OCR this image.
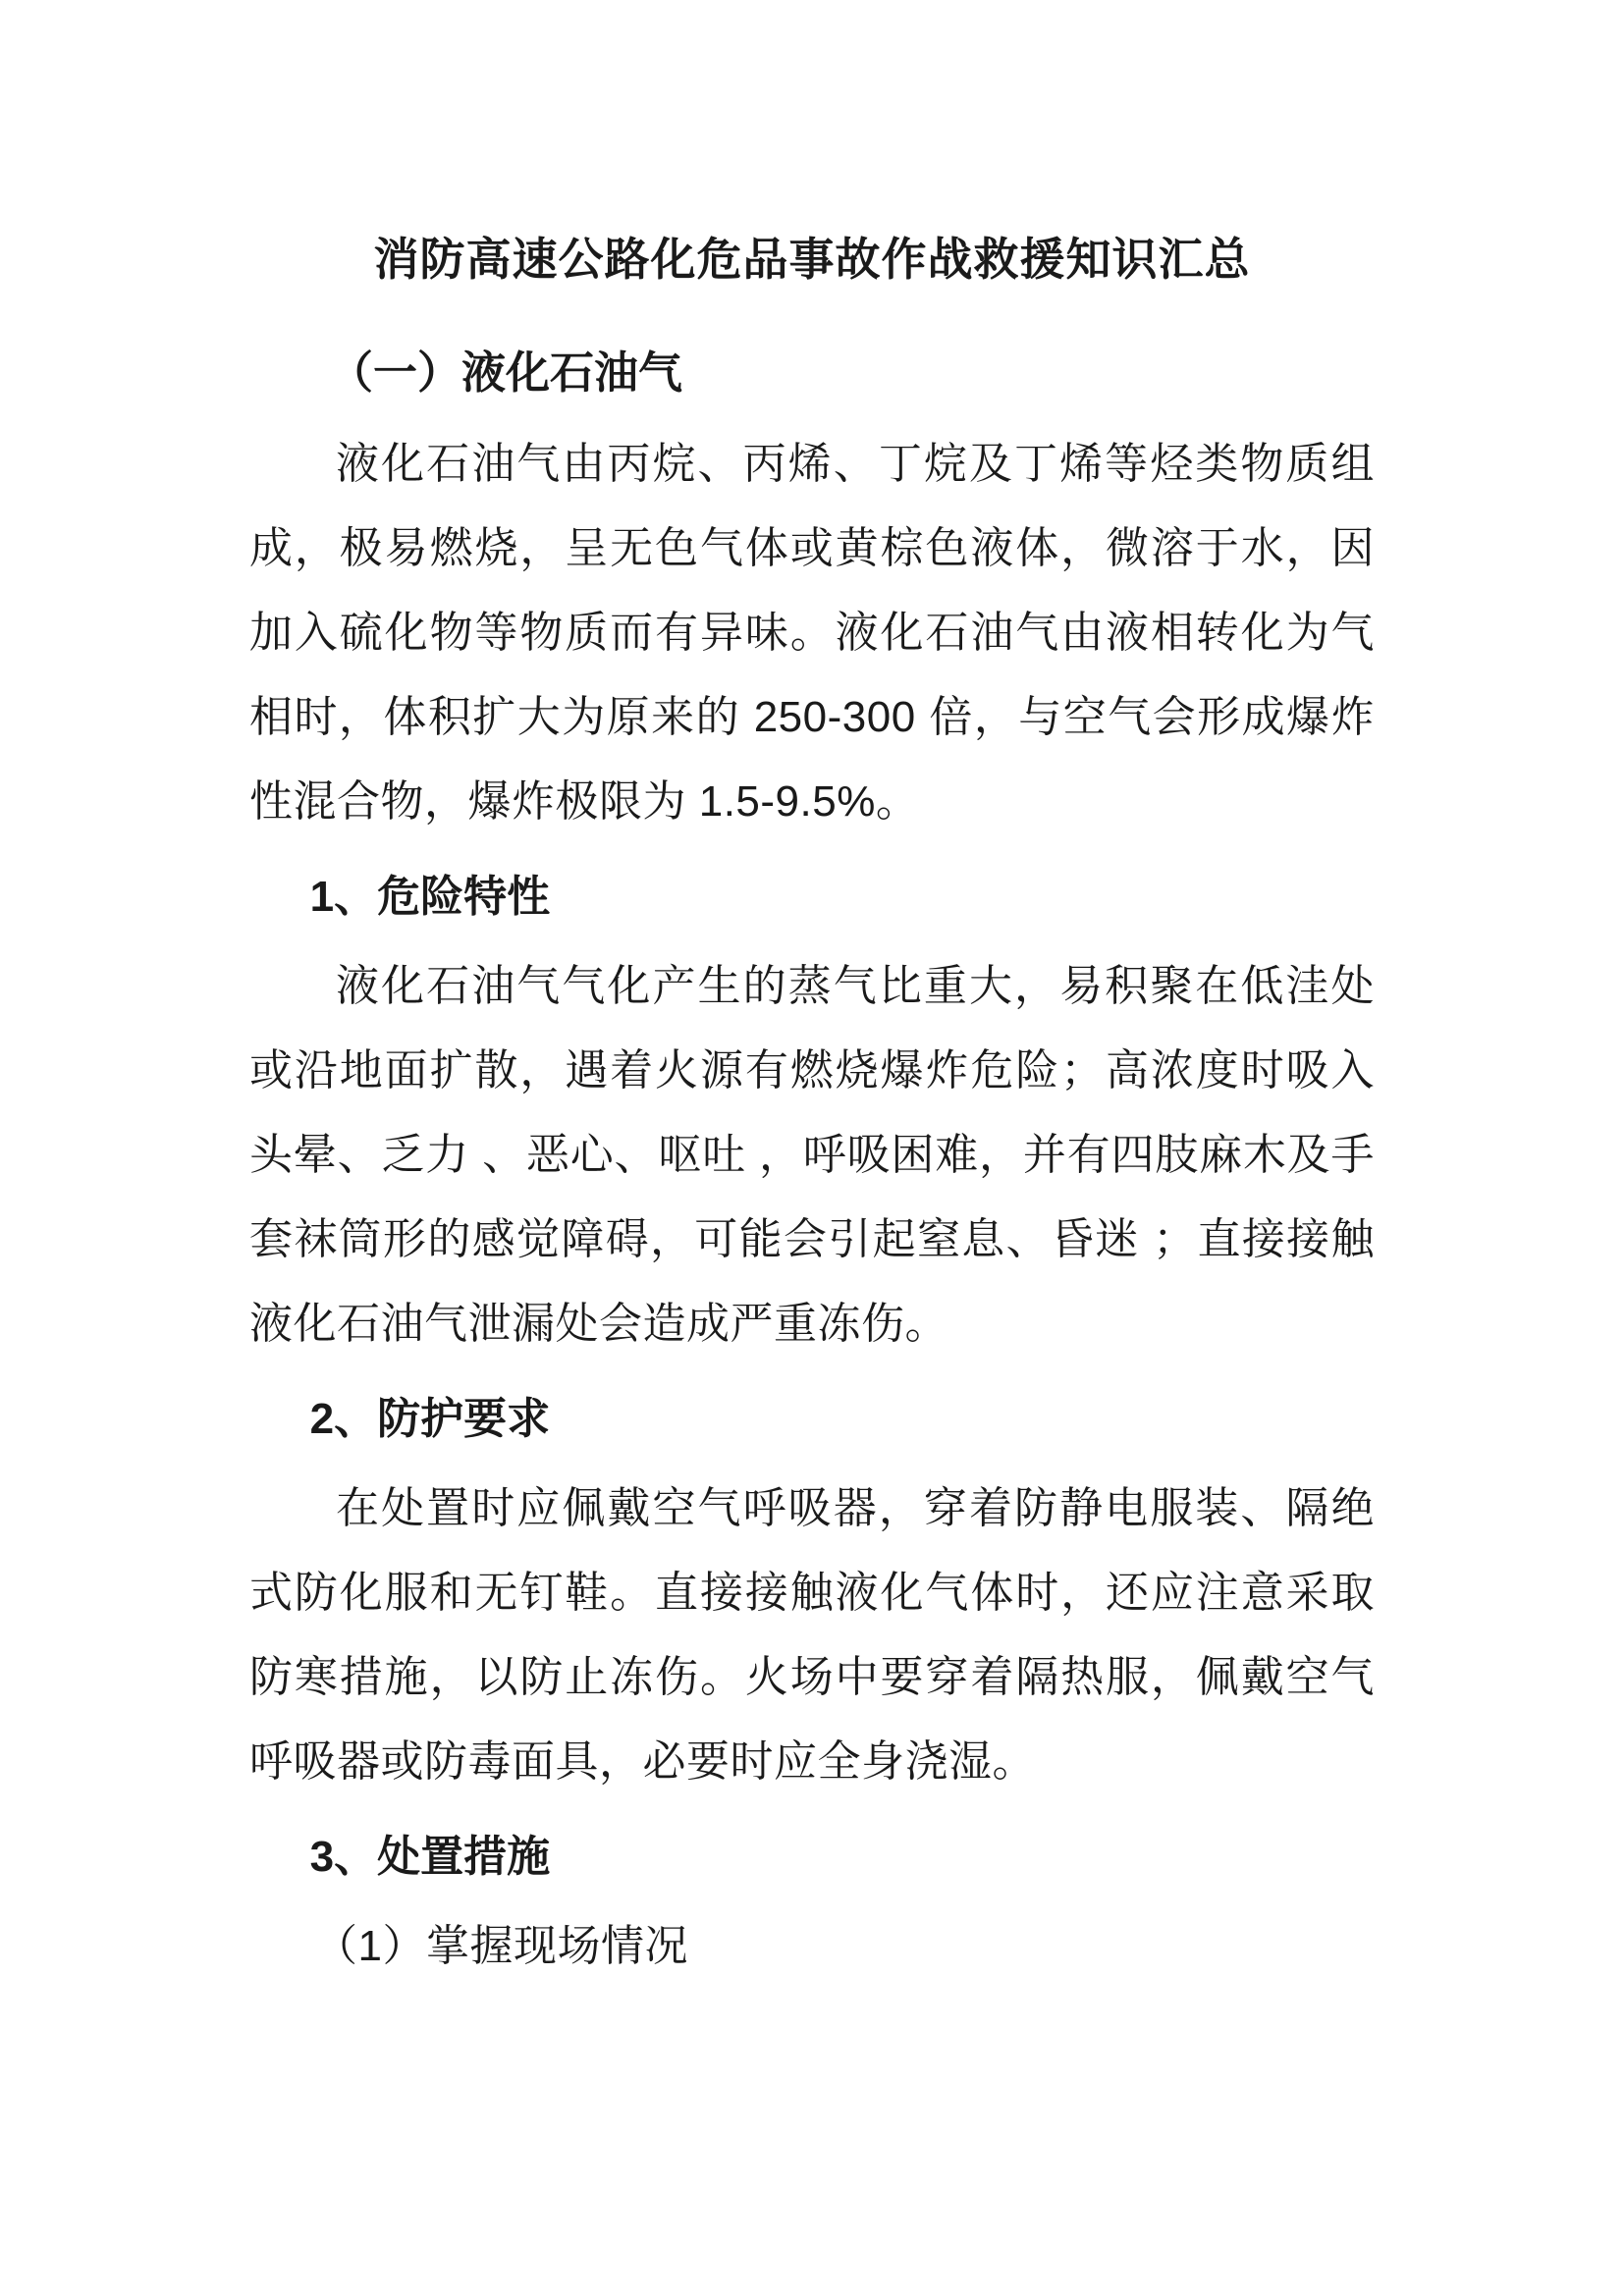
消防高速公路化危品事故作战救援知识汇总
（一）液化石油气

液化石油气由丙烷、丙烯、丁烷及丁烯等烃类物质组成，极易燃烧，呈无色气体或黄棕色液体，微溶于水，因加入硫化物等物质而有异味。液化石油气由液相转化为气相时，体积扩大为原来的 250-300 倍，与空气会形成爆炸性混合物，爆炸极限为 1.5-9.5%。

1、危险特性

液化石油气气化产生的蒸气比重大，易积聚在低洼处或沿地面扩散，遇着火源有燃烧爆炸危险；高浓度时吸入头晕、乏力 、恶心、呕吐 ，呼吸困难，并有四肢麻木及手套袜筒形的感觉障碍，可能会引起窒息、昏迷 ；直接接触液化石油气泄漏处会造成严重冻伤。

2、防护要求

在处置时应佩戴空气呼吸器，穿着防静电服装、隔绝式防化服和无钉鞋。直接接触液化气体时，还应注意采取防寒措施，以防止冻伤。火场中要穿着隔热服，佩戴空气呼吸器或防毒面具，必要时应全身浇湿。

3、处置措施

（1）掌握现场情况
